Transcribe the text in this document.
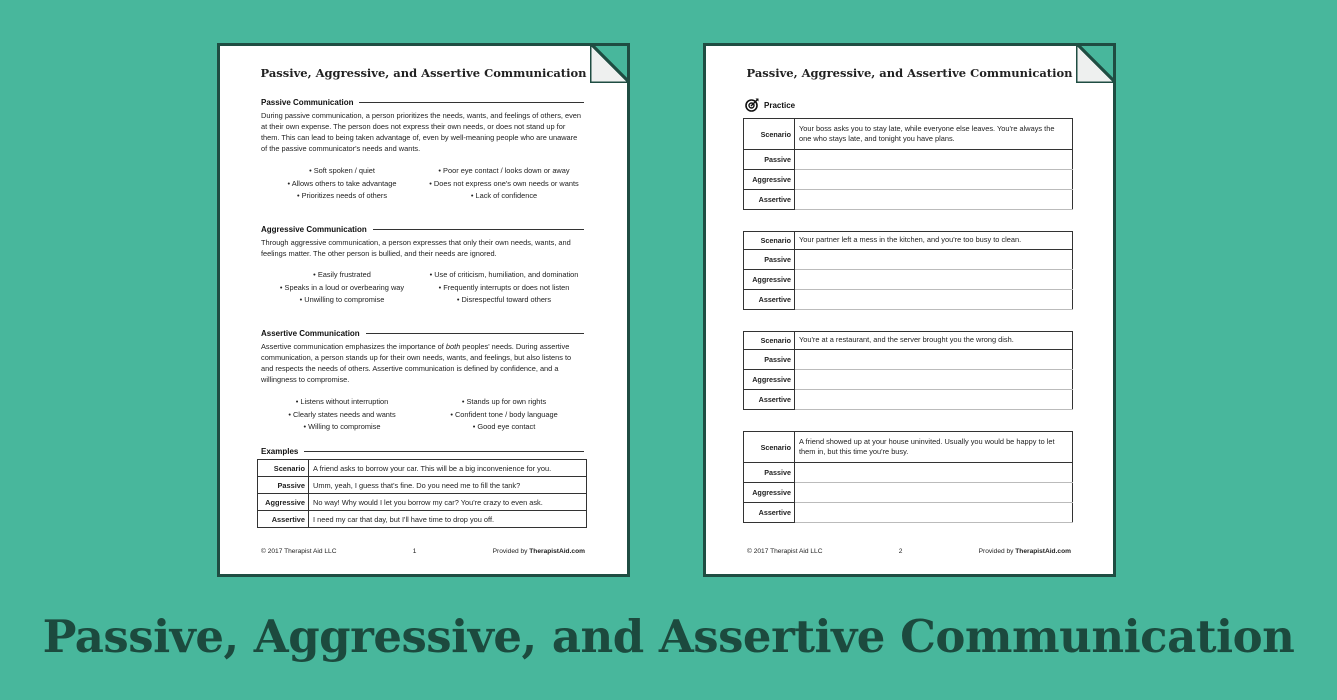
Passive, Aggressive, and Assertive Communication
Passive Communication
During passive communication, a person prioritizes the needs, wants, and feelings of others, even at their own expense. The person does not express their own needs, or does not stand up for them. This can lead to being taken advantage of, even by well-meaning people who are unaware of the passive communicator's needs and wants.
• Soft spoken / quiet	• Poor eye contact / looks down or away
• Allows others to take advantage	• Does not express one's own needs or wants
• Prioritizes needs of others	• Lack of confidence
Aggressive Communication
Through aggressive communication, a person expresses that only their own needs, wants, and feelings matter. The other person is bullied, and their needs are ignored.
• Easily frustrated	• Use of criticism, humiliation, and domination
• Speaks in a loud or overbearing way	• Frequently interrupts or does not listen
• Unwilling to compromise	• Disrespectful toward others
Assertive Communication
Assertive communication emphasizes the importance of both peoples' needs. During assertive communication, a person stands up for their own needs, wants, and feelings, but also listens to and respects the needs of others. Assertive communication is defined by confidence, and a willingness to compromise.
• Listens without interruption	• Stands up for own rights
• Clearly states needs and wants	• Confident tone / body language
• Willing to compromise	• Good eye contact
Examples
Scenario	A friend asks to borrow your car. This will be a big inconvenience for you.
Passive	Umm, yeah, I guess that's fine. Do you need me to fill the tank?
Aggressive	No way! Why would I let you borrow my car? You're crazy to even ask.
Assertive	I need my car that day, but I'll have time to drop you off.
© 2017 Therapist Aid LLC	1	Provided by TherapistAid.com
Passive, Aggressive, and Assertive Communication
Practice
Scenario	Your boss asks you to stay late, while everyone else leaves. You're always the one who stays late, and tonight you have plans.
Passive	
Aggressive	
Assertive	
Scenario	Your partner left a mess in the kitchen, and you're too busy to clean.
Passive	
Aggressive	
Assertive	
Scenario	You're at a restaurant, and the server brought you the wrong dish.
Passive	
Aggressive	
Assertive	
Scenario	A friend showed up at your house uninvited. Usually you would be happy to let them in, but this time you're busy.
Passive	
Aggressive	
Assertive	
© 2017 Therapist Aid LLC	2	Provided by TherapistAid.com
Passive, Aggressive, and Assertive Communication
